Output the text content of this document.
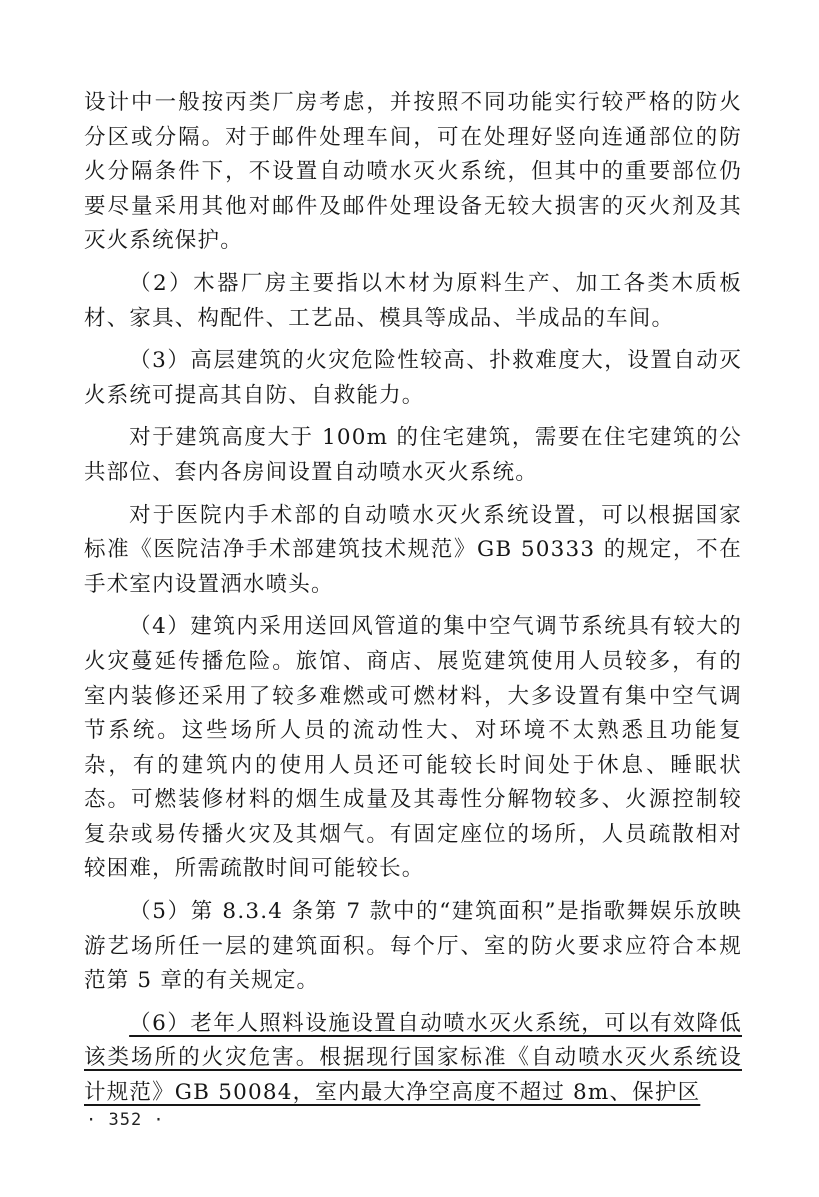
设计中一般按丙类厂房考虑，并按照不同功能实行较严格的防火分区或分隔。对于邮件处理车间，可在处理好竖向连通部位的防火分隔条件下，不设置自动喷水灭火系统，但其中的重要部位仍要尽量采用其他对邮件及邮件处理设备无较大损害的灭火剂及其灭火系统保护。

（2）木器厂房主要指以木材为原料生产、加工各类木质板材、家具、构配件、工艺品、模具等成品、半成品的车间。

（3）高层建筑的火灾危险性较高、扑救难度大，设置自动灭火系统可提高其自防、自救能力。

对于建筑高度大于 100m 的住宅建筑，需要在住宅建筑的公共部位、套内各房间设置自动喷水灭火系统。

对于医院内手术部的自动喷水灭火系统设置，可以根据国家标准《医院洁净手术部建筑技术规范》GB 50333 的规定，不在手术室内设置洒水喷头。

（4）建筑内采用送回风管道的集中空气调节系统具有较大的火灾蔓延传播危险。旅馆、商店、展览建筑使用人员较多，有的室内装修还采用了较多难燃或可燃材料，大多设置有集中空气调节系统。这些场所人员的流动性大、对环境不太熟悉且功能复杂，有的建筑内的使用人员还可能较长时间处于休息、睡眠状态。可燃装修材料的烟生成量及其毒性分解物较多、火源控制较复杂或易传播火灾及其烟气。有固定座位的场所，人员疏散相对较困难，所需疏散时间可能较长。

（5）第 8.3.4 条第 7 款中的“建筑面积”是指歌舞娱乐放映游艺场所任一层的建筑面积。每个厅、室的防火要求应符合本规范第 5 章的有关规定。

（6）老年人照料设施设置自动喷水灭火系统，可以有效降低该类场所的火灾危害。根据现行国家标准《自动喷水灭火系统设计规范》GB 50084，室内最大净空高度不超过 8m、保护区

· 352 ·
